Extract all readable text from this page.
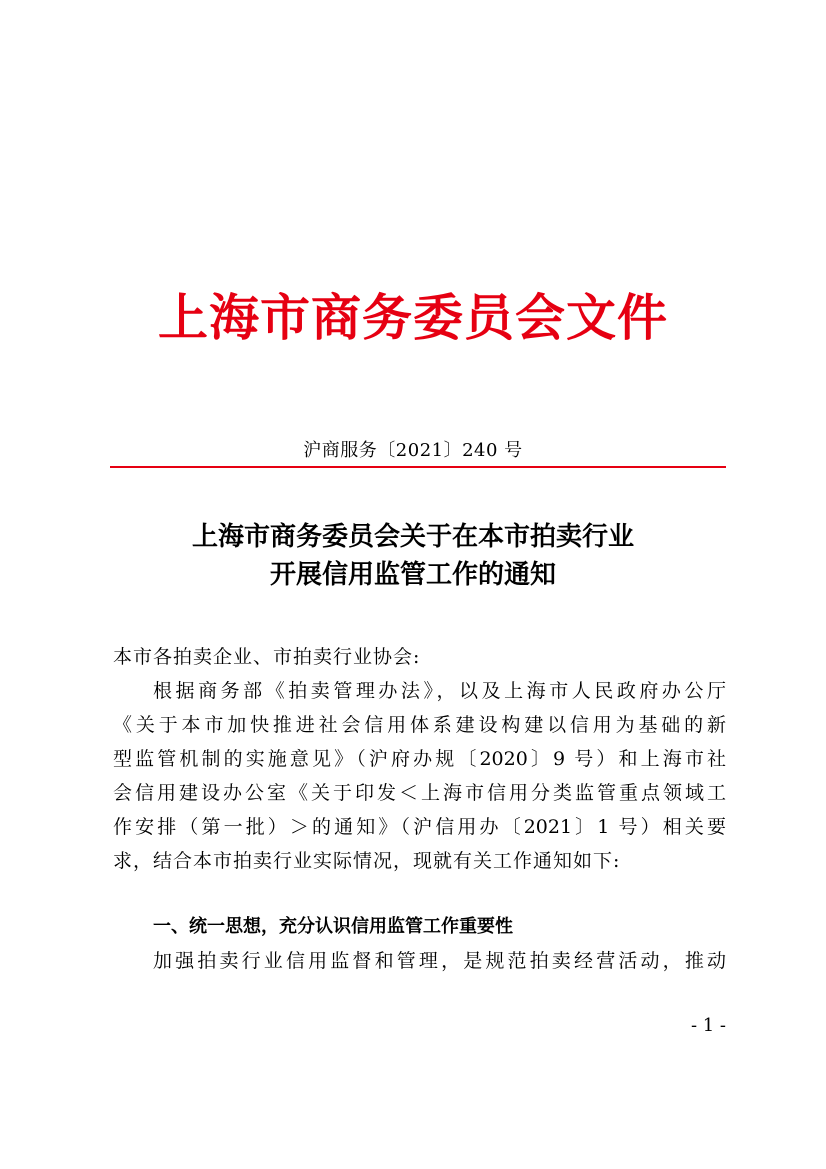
上海市商务委员会文件
沪商服务〔2021〕240 号
上海市商务委员会关于在本市拍卖行业
开展信用监管工作的通知
本市各拍卖企业、市拍卖行业协会:
根据商务部《拍卖管理办法》，以及上海市人民政府办公厅
《关于本市加快推进社会信用体系建设构建以信用为基础的新
型监管机制的实施意见》（沪府办规〔2020〕9 号）和上海市社
会信用建设办公室《关于印发＜上海市信用分类监管重点领域工
作安排（第一批）＞的通知》（沪信用办〔2021〕1 号）相关要
求，结合本市拍卖行业实际情况，现就有关工作通知如下:
一、统一思想，充分认识信用监管工作重要性
加强拍卖行业信用监督和管理，是规范拍卖经营活动，推动
- 1 -
